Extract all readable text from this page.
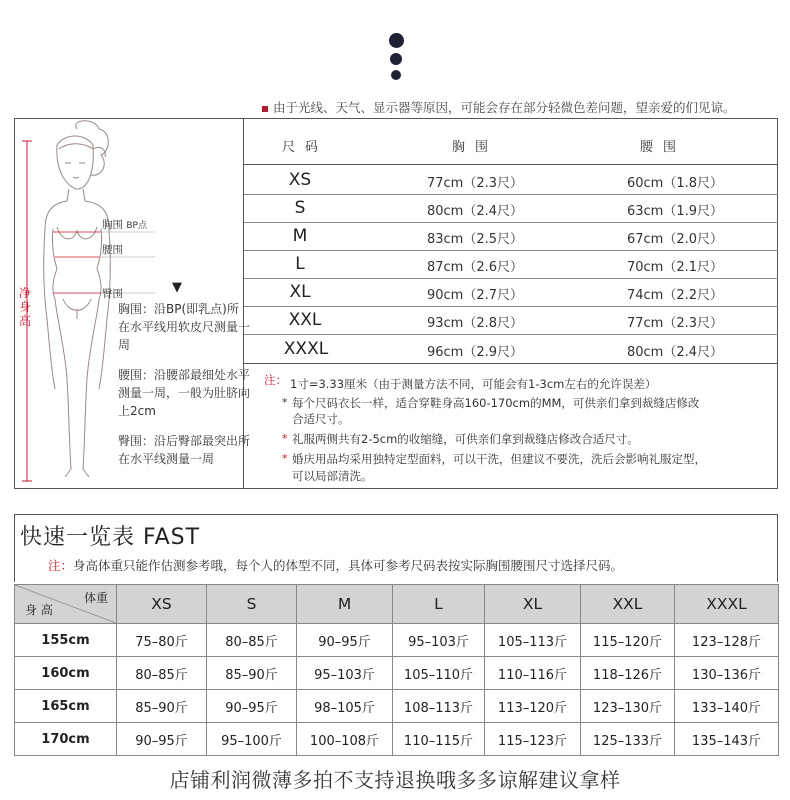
由于光线、天气、显示器等原因，可能会存在部分轻微色差问题，望亲爱的们见谅。
净身高
胸围 BP点
腰围
臀围	▼
胸围：沿BP(即乳点)所在水平线用软皮尺测量一周
腰围：沿腰部最细处水平测量一周，一般为肚脐向上2cm
臀围：沿后臀部最突出所在水平线测量一周
尺码	胸围	腰围
XS	77cm（2.3尺）	60cm（1.8尺）
S	80cm（2.4尺）	63cm（1.9尺）
M	83cm（2.5尺）	67cm（2.0尺）
L	87cm（2.6尺）	70cm（2.1尺）
XL	90cm（2.7尺）	74cm（2.2尺）
XXL	93cm（2.8尺）	77cm（2.3尺）
XXXL	96cm（2.9尺）	80cm（2.4尺）
注： 1寸=3.33厘米（由于测量方法不同，可能会有1-3cm左右的允许误差）
* 每个尺码衣长一样，适合穿鞋身高160-170cm的MM，可供亲们拿到裁缝店修改
合适尺寸。
* 礼服两侧共有2-5cm的收缩缝，可供亲们拿到裁缝店修改合适尺寸。
* 婚庆用品均采用独特定型面料，可以干洗，但建议不要洗，洗后会影响礼服定型，
可以局部清洗。
快速一览表 FAST
注：身高体重只能作估测参考哦，每个人的体型不同，具体可参考尺码表按实际胸围腰围尺寸选择尺码。
体重
身 高	XS	S	M	L	XL	XXL	XXXL
155cm	75–80斤	80–85斤	90–95斤	95–103斤	105–113斤	115–120斤	123–128斤
160cm	80–85斤	85–90斤	95–103斤	105–110斤	110–116斤	118–126斤	130–136斤
165cm	85–90斤	90–95斤	98–105斤	108–113斤	113–120斤	123–130斤	133–140斤
170cm	90–95斤	95–100斤	100–108斤	110–115斤	115–123斤	125–133斤	135–143斤
店铺利润微薄多拍不支持退换哦多多谅解建议拿样
